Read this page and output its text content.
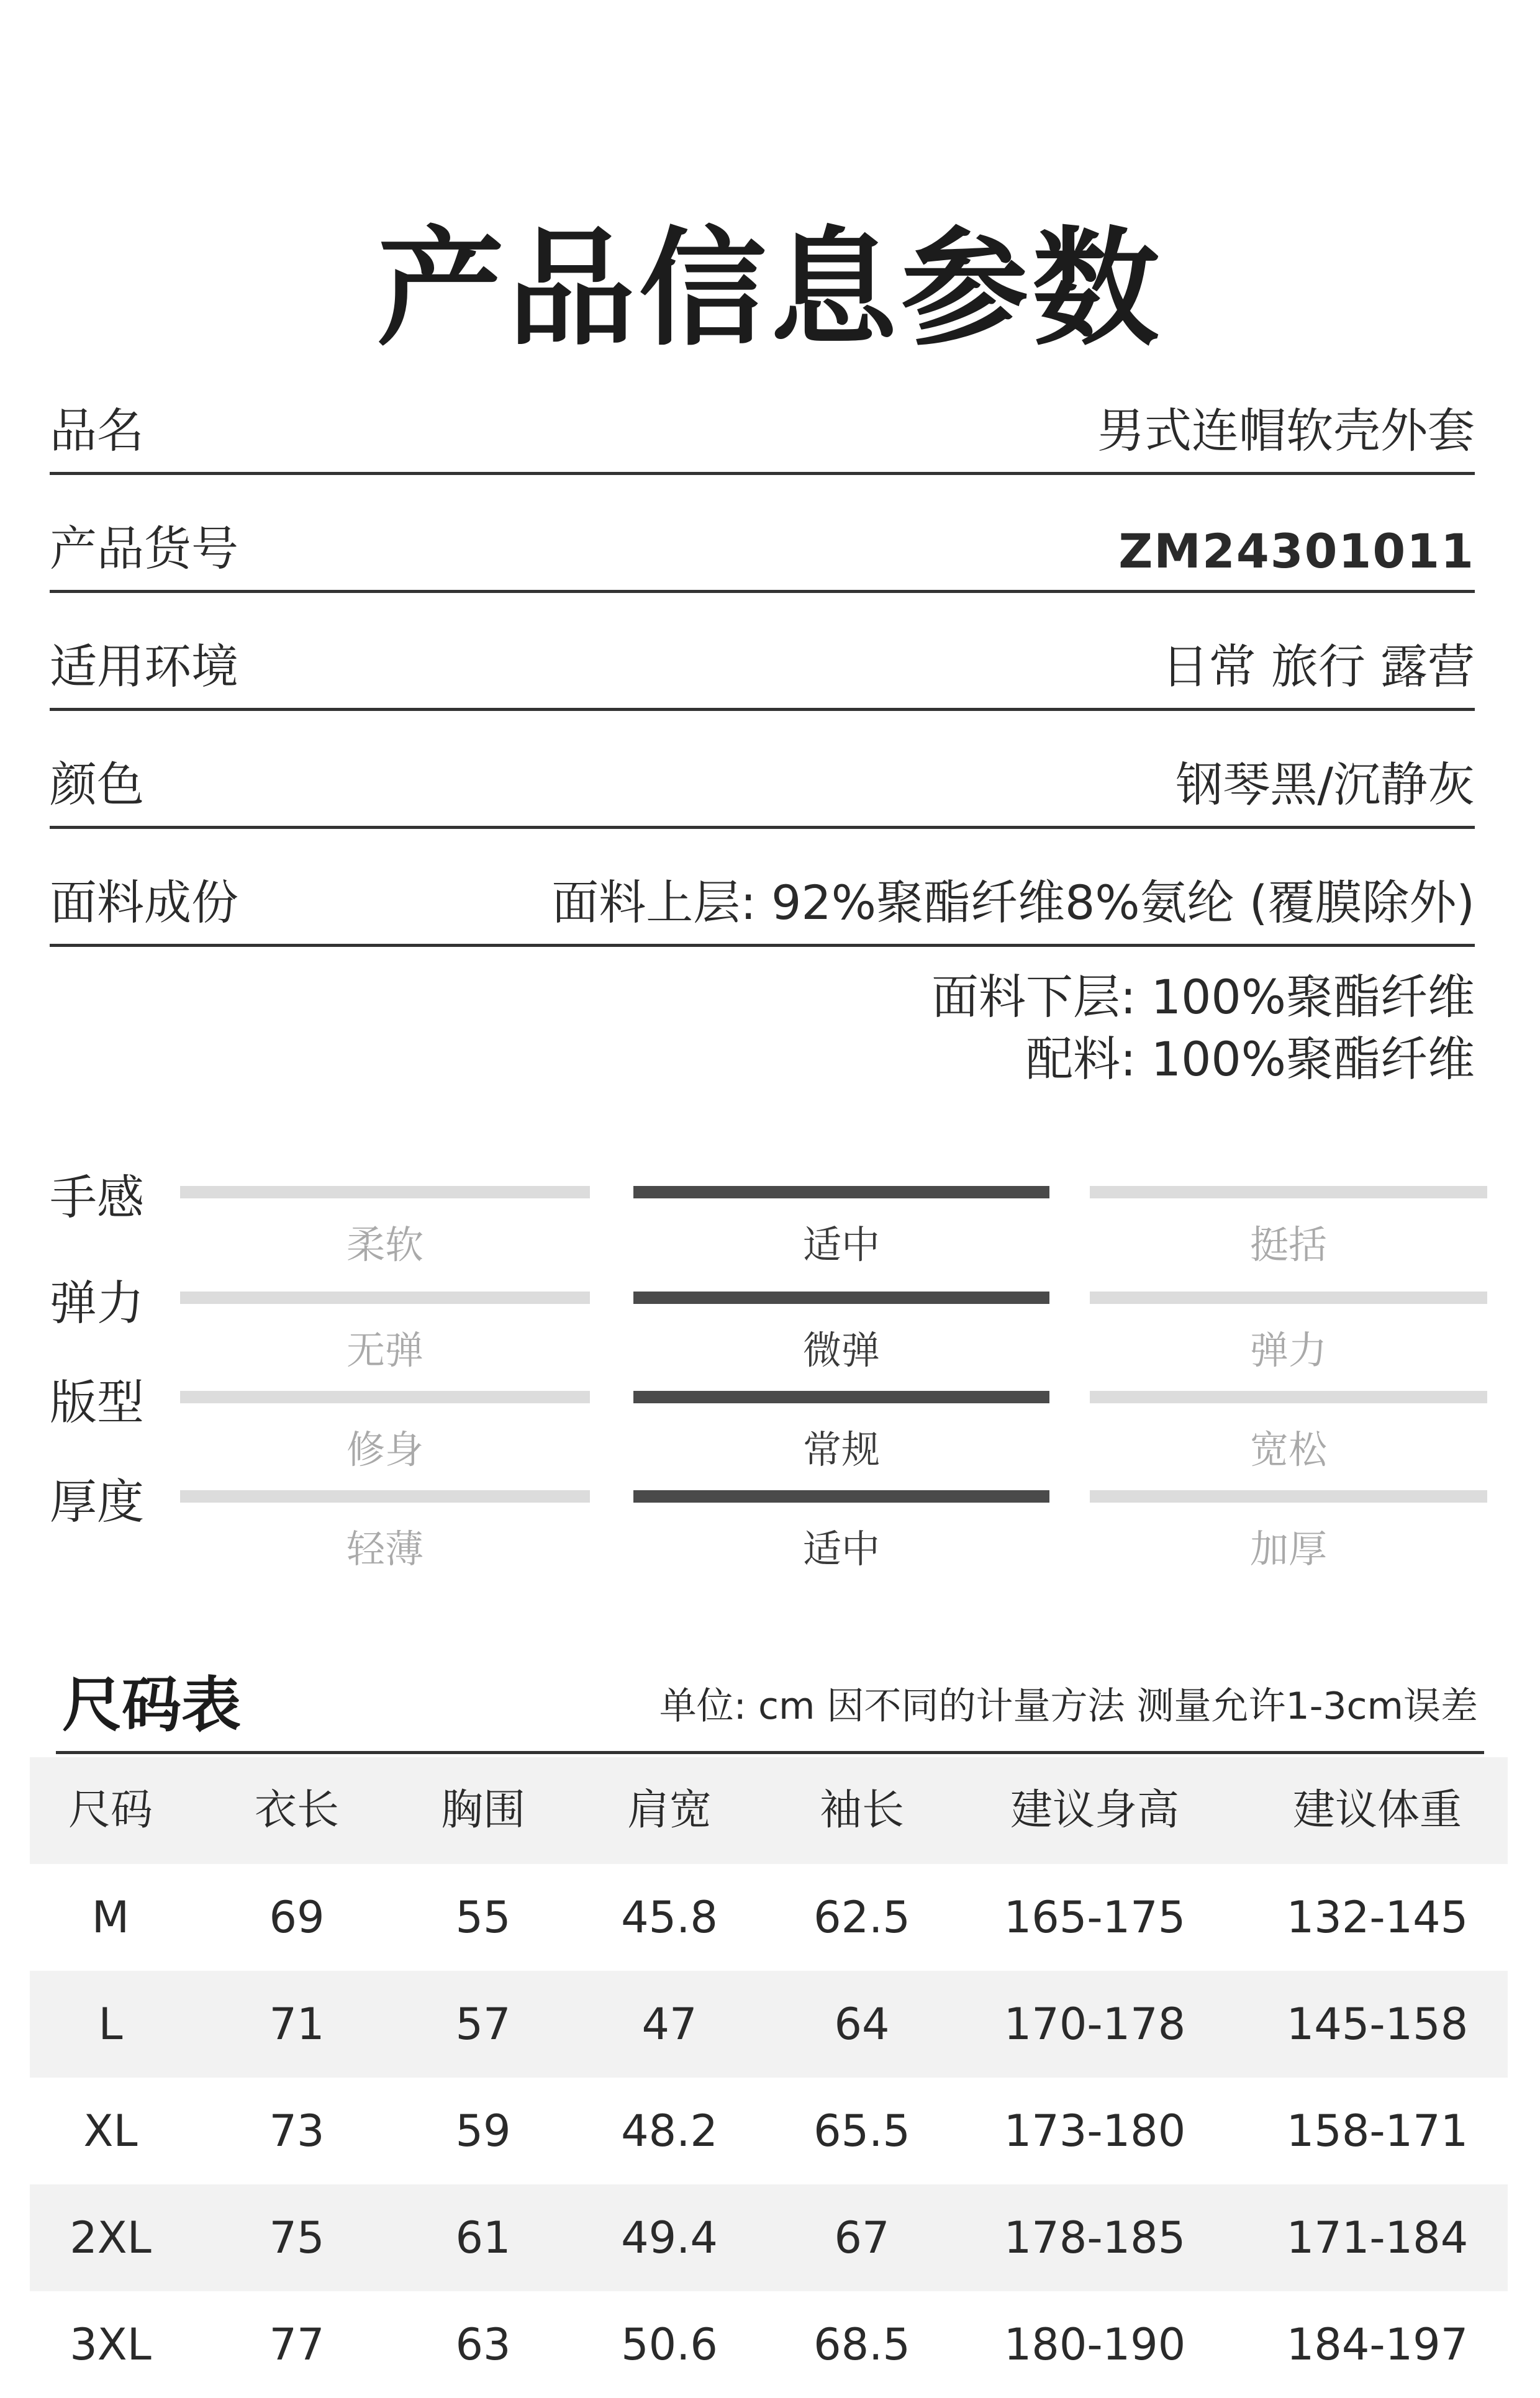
产品信息参数
品名	男式连帽软壳外套
产品货号	ZM24301011
适用环境	日常 旅行 露营
颜色	钢琴黑/沉静灰
面料成份	面料上层: 92%聚酯纤维8%氨纶 (覆膜除外)
面料下层: 100%聚酯纤维
配料: 100%聚酯纤维
手感
柔软	适中	挺括
弹力
无弹	微弹	弹力
版型
修身	常规	宽松
厚度
轻薄	适中	加厚
尺码表	单位: cm 因不同的计量方法 测量允许1-3cm误差
尺码 衣长 胸围 肩宽	袖长	建议身高	建议体重
M	69	55	45.8 62.5 165-175 132-145
L	71	57	47	64	170-178 145-158
XL	73	59	48.2 65.5 173-180 158-171
2XL	75	61	49.4	67	178-185 171-184
3XL	77	63	50.6 68.5 180-190 184-197
